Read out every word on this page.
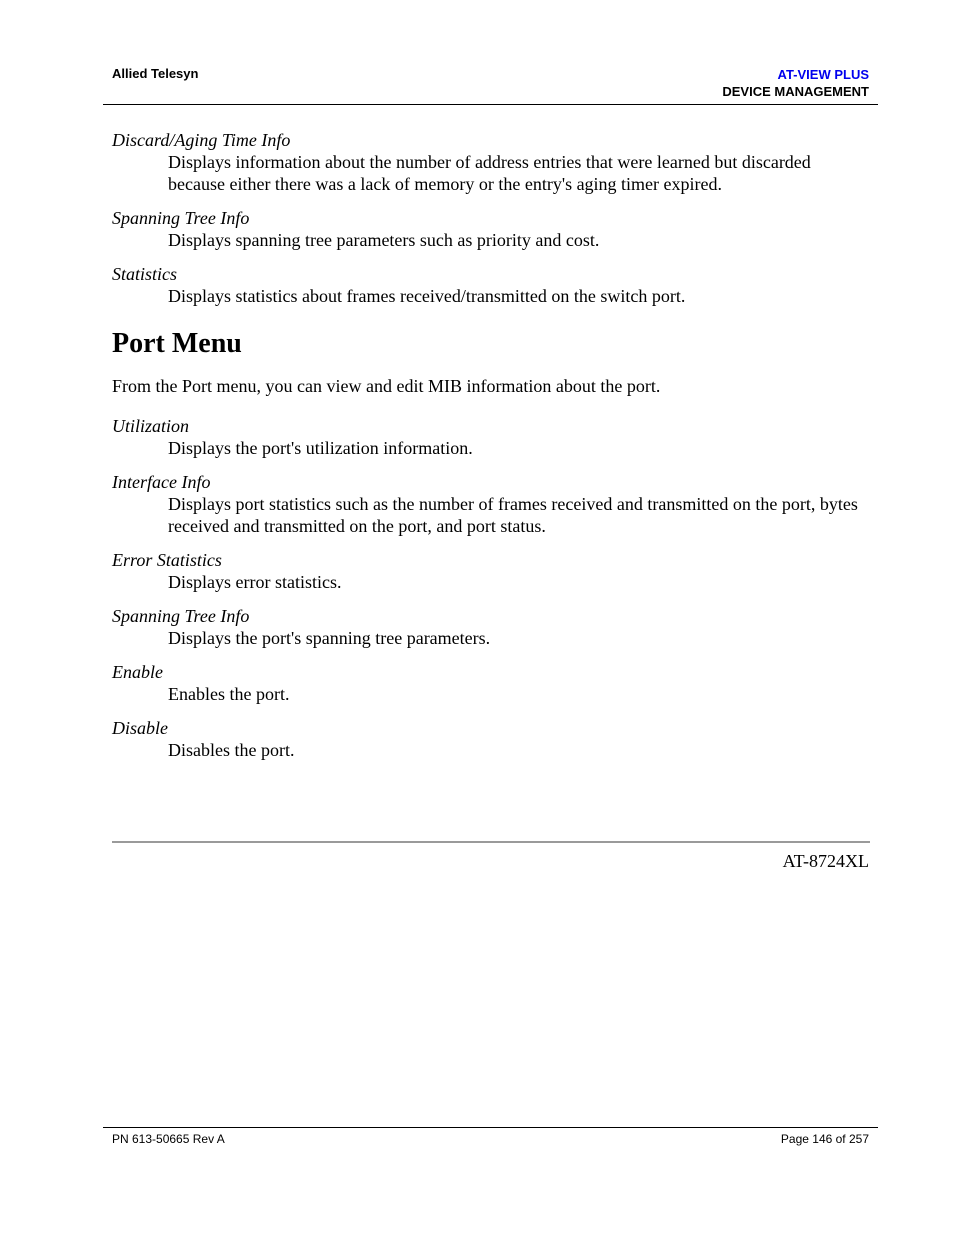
Allied Telesyn	AT-VIEW PLUS
DEVICE MANAGEMENT
Discard/Aging Time Info
Displays information about the number of address entries that were learned but discarded because either there was a lack of memory or the entry's aging timer expired.
Spanning Tree Info
Displays spanning tree parameters such as priority and cost.
Statistics
Displays statistics about frames received/transmitted on the switch port.
Port Menu
From the Port menu, you can view and edit MIB information about the port.
Utilization
Displays the port's utilization information.
Interface Info
Displays port statistics such as the number of frames received and transmitted on the port, bytes received and transmitted on the port, and port status.
Error Statistics
Displays error statistics.
Spanning Tree Info
Displays the port's spanning tree parameters.
Enable
Enables the port.
Disable
Disables the port.
AT-8724XL
PN 613-50665 Rev A	Page 146 of 257
